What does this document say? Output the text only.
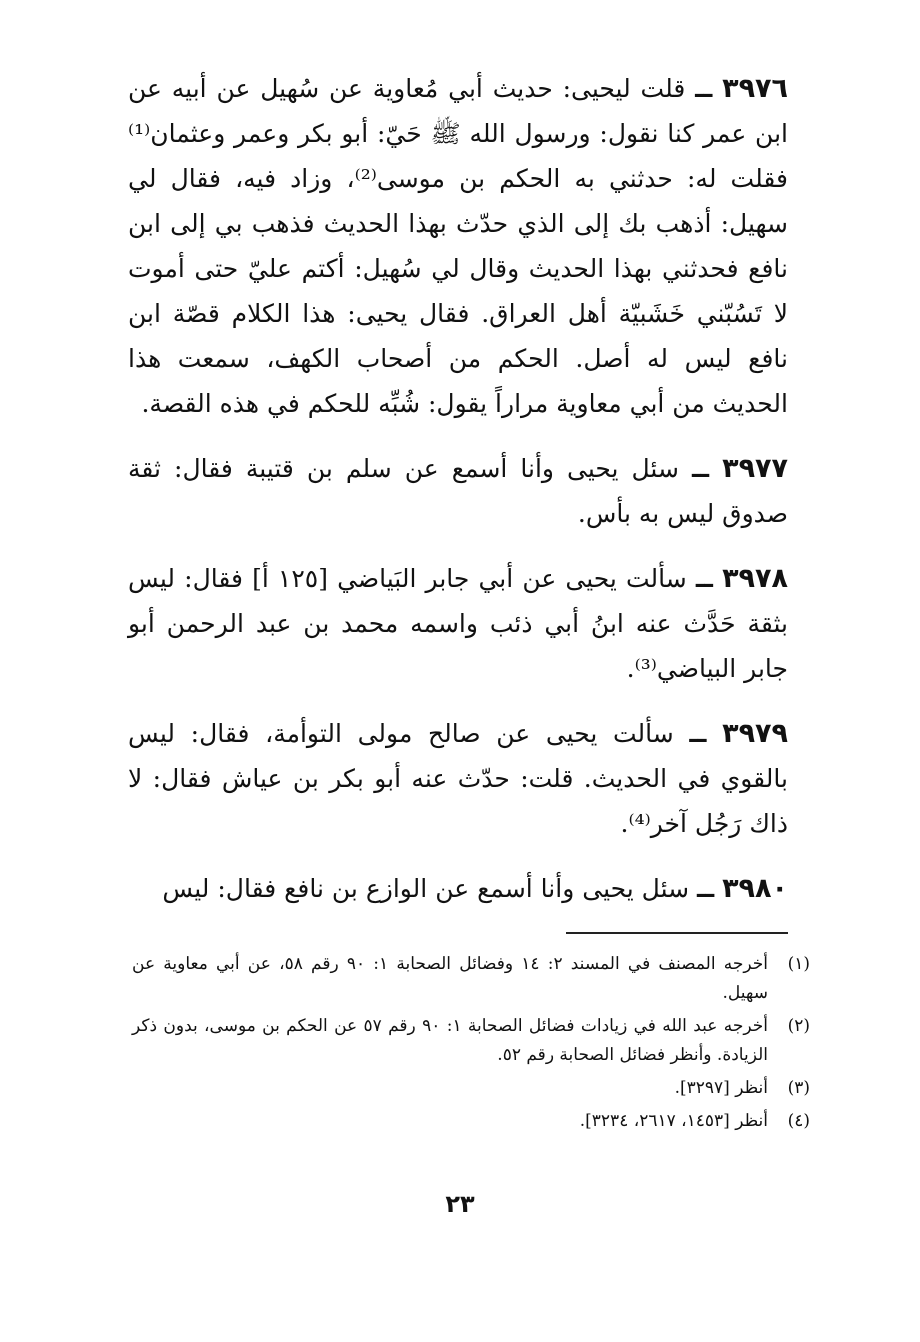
٣٩٧٦ ــ قلت ليحيى: حديث أبي مُعاوية عن سُهيل عن أبيه عن ابن عمر كنا نقول: ورسول الله ﷺ حَيّ: أبو بكر وعمر وعثمان⁽¹⁾ فقلت له: حدثني به الحكم بن موسى⁽²⁾، وزاد فيه، فقال لي سهيل: أذهب بك إلى الذي حدّث بهذا الحديث فذهب بي إلى ابن نافع فحدثني بهذا الحديث وقال لي سُهيل: أكتم عليّ حتى أموت لا تَسُبّني خَشَبيّة أهل العراق. فقال يحيى: هذا الكلام قصّة ابن نافع ليس له أصل. الحكم من أصحاب الكهف، سمعت هذا الحديث من أبي معاوية مراراً يقول: شُبِّه للحكم في هذه القصة.

٣٩٧٧ ــ سئل يحيى وأنا أسمع عن سلم بن قتيبة فقال: ثقة صدوق ليس به بأس.

٣٩٧٨ ــ سألت يحيى عن أبي جابر البَياضي [١٢٥ أ] فقال: ليس بثقة حَدَّث عنه ابنُ أبي ذئب واسمه محمد بن عبد الرحمن أبو جابر البياضي⁽³⁾.

٣٩٧٩ ــ سألت يحيى عن صالح مولى التوأمة، فقال: ليس بالقوي في الحديث. قلت: حدّث عنه أبو بكر بن عياش فقال: لا ذاك رَجُل آخر⁽⁴⁾.

٣٩٨٠ ــ سئل يحيى وأنا أسمع عن الوازع بن نافع فقال: ليس

(١)
أخرجه المصنف في المسند ٢: ١٤ وفضائل الصحابة ١: ٩٠ رقم ٥٨، عن أبي معاوية عن سهيل.
(٢)
أخرجه عبد الله في زيادات فضائل الصحابة ١: ٩٠ رقم ٥٧ عن الحكم بن موسى، بدون ذكر الزيادة. وأنظر فضائل الصحابة رقم ٥٢.
(٣)
أنظر [٣٢٩٧].
(٤)
أنظر [١٤٥٣، ٢٦١٧، ٣٢٣٤].
٢٣
